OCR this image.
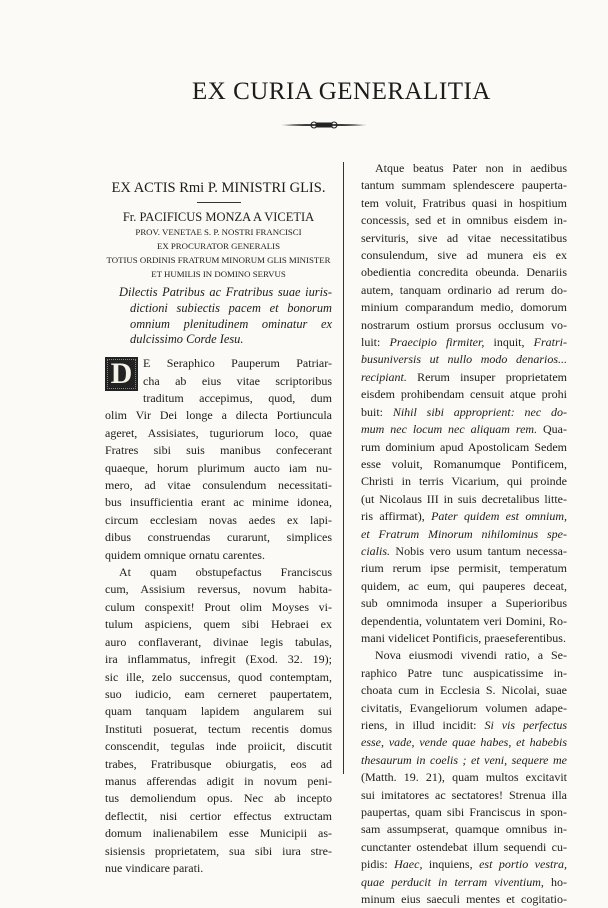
EX CURIA GENERALITIA
EX ACTIS Rmi P. MINISTRI GLIS.
Fr. PACIFICUS MONZA A VICETIA
PROV. VENETAE S. P. NOSTRI FRANCISCI
EX PROCURATOR GENERALIS
TOTIUS ORDINIS FRATRUM MINORUM GLIS MINISTER
ET HUMILIS IN DOMINO SERVUS
Dilectis Patribus ac Fratribus suae iuris-
dictioni subiectis pacem et bonorum
omnium plenitudinem ominatur ex
dulcissimo Corde Iesu.
D E Seraphico Pauperum Patriar-
cha ab eius vitae scriptoribus
traditum accepimus, quod, dum
olim Vir Dei longe a dilecta Portiuncula
ageret, Assisiates, tuguriorum loco, quae
Fratres sibi suis manibus confecerant
quaeque, horum plurimum aucto iam nu-
mero, ad vitae consulendum necessitati-
bus insufficientia erant ac minime idonea,
circum ecclesiam novas aedes ex lapi-
dibus construendas curarunt, simplices
quidem omnique ornatu carentes.
At quam obstupefactus Franciscus
cum, Assisium reversus, novum habita-
culum conspexit! Prout olim Moyses vi-
tulum aspiciens, quem sibi Hebraei ex
auro conflaverant, divinae legis tabulas,
ira inflammatus, infregit (Exod. 32. 19);
sic ille, zelo succensus, quod contemptam,
suo iudicio, eam cerneret paupertatem,
quam tanquam lapidem angularem sui
Instituti posuerat, tectum recentis domus
conscendit, tegulas inde proiicit, discutit
trabes, Fratribusque obiurgatis, eos ad
manus afferendas adigit in novum peni-
tus demoliendum opus. Nec ab incepto
deflectit, nisi certior effectus extructam
domum inalienabilem esse Municipii as-
sisiensis proprietatem, sua sibi iura stre-
nue vindicare parati.
Atque beatus Pater non in aedibus
tantum summam splendescere pauperta-
tem voluit, Fratribus quasi in hospitium
concessis, sed et in omnibus eisdem in-
servituris, sive ad vitae necessitatibus
consulendum, sive ad munera eis ex
obedientia concredita obeunda. Denariis
autem, tanquam ordinario ad rerum do-
minium comparandum medio, domorum
nostrarum ostium prorsus occlusum vo-
luit: Praecipio firmiter, inquit, Fratri-
busuniversis ut nullo modo denarios...
recipiant. Rerum insuper proprietatem
eisdem prohibendam censuit atque prohi
buit: Nihil sibi approprient: nec do-
mum nec locum nec aliquam rem. Qua-
rum dominium apud Apostolicam Sedem
esse voluit, Romanumque Pontificem,
Christi in terris Vicarium, qui proinde
(ut Nicolaus III in suis decretalibus litte-
ris affirmat), Pater quidem est omnium,
et Fratrum Minorum nihilominus spe-
cialis. Nobis vero usum tantum necessa-
rium rerum ipse permisit, temperatum
quidem, ac eum, qui pauperes deceat,
sub omnimoda insuper a Superioribus
dependentia, voluntatem veri Domini, Ro-
mani videlicet Pontificis, praeseferentibus.
Nova eiusmodi vivendi ratio, a Se-
raphico Patre tunc auspicatissime in-
choata cum in Ecclesia S. Nicolai, suae
civitatis, Evangeliorum volumen adape-
riens, in illud incidit: Si vis perfectus
esse, vade, vende quae habes, et habebis
thesaurum in coelis ; et veni, sequere me
(Matth. 19. 21), quam multos excitavit
sui imitatores ac sectatores! Strenua illa
paupertas, quam sibi Franciscus in spon-
sam assumpserat, quamque omnibus in-
cunctanter ostendebat illum sequendi cu-
pidis: Haec, inquiens, est portio vestra,
quae perducit in terram viventium, ho-
minum eius saeculi mentes et cogitatio-
